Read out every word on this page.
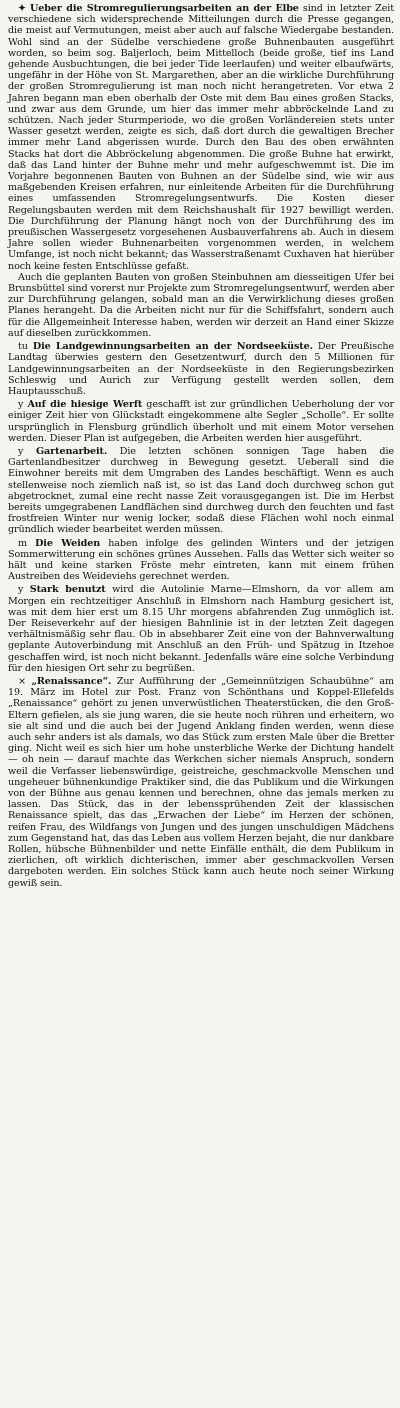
✦ Ueber die Stromregulierungsarbeiten an der Elbe sind in letzter Zeit verschiedene sich widersprechende Mitteilungen durch die Presse gegangen, die meist auf Vermutungen, meist aber auch auf falsche Wiedergabe bestanden. Wohl sind an der Südelbe verschiedene große Buhnenbauten ausgeführt worden, so beim sog. Baljerloch, beim Mittelloch (beide große, tief ins Land gehende Ausbuchtungen, die bei jeder Tide leerlaufen) und weiter elbaufwärts, ungefähr in der Höhe von St. Margarethen, aber an die wirkliche Durchführung der großen Stromregulierung ist man noch nicht herangetreten. Vor etwa 2 Jahren begann man eben oberhalb der Oste mit dem Bau eines großen Stacks, und zwar aus dem Grunde, um hier das immer mehr abbröckelnde Land zu schützen. Nach jeder Sturmperiode, wo die großen Vorländereien stets unter Wasser gesetzt werden, zeigte es sich, daß dort durch die gewaltigen Brecher immer mehr Land abgerissen wurde. Durch den Bau des oben erwähnten Stacks hat dort die Abbröckelung abgenommen. Die große Buhne hat erwirkt, daß das Land hinter der Buhne mehr und mehr aufgeschwemmt ist. Die im Vorjahre begonnenen Bauten von Buhnen an der Südelbe sind, wie wir aus maßgebenden Kreisen erfahren, nur einleitende Arbeiten für die Durchführung eines umfassenden Stromregelungsentwurfs. Die Kosten dieser Regelungsbauten werden mit dem Reichshaushalt für 1927 bewilligt werden. Die Durchführung der Planung hängt noch von der Durchführung des im preußischen Wassergesetz vorgesehenen Ausbauverfahrens ab. Auch in diesem Jahre sollen wieder Buhnenarbeiten vorgenommen werden, in welchem Umfange, ist noch nicht bekannt; das Wasserstraßenamt Cuxhaven hat hierüber noch keine festen Entschlüsse gefaßt.

Auch die geplanten Bauten von großen Steinbuhnen am diesseitigen Ufer bei Brunsbüttel sind vorerst nur Projekte zum Stromregelungsentwurf, werden aber zur Durchführung gelangen, sobald man an die Verwirklichung dieses großen Planes herangeht. Da die Arbeiten nicht nur für die Schiffsfahrt, sondern auch für die Allgemeinheit Interesse haben, werden wir derzeit an Hand einer Skizze auf dieselben zurückkommen.

tu Die Landgewinnungsarbeiten an der Nordseeküste. Der Preußische Landtag überwies gestern den Gesetzentwurf, durch den 5 Millionen für Landgewinnungsarbeiten an der Nordseeküste in den Regierungsbezirken Schleswig und Aurich zur Verfügung gestellt werden sollen, dem Hauptausschuß.

y Auf die hiesige Werft geschafft ist zur gründlichen Ueberholung der vor einiger Zeit hier von Glückstadt eingekommene alte Segler „Scholle“. Er sollte ursprünglich in Flensburg gründlich überholt und mit einem Motor versehen werden. Dieser Plan ist aufgegeben, die Arbeiten werden hier ausgeführt.

y Gartenarbeit. Die letzten schönen sonnigen Tage haben die Gartenlandbesitzer durchweg in Bewegung gesetzt. Ueberall sind die Einwohner bereits mit dem Umgraben des Landes beschäftigt. Wenn es auch stellenweise noch ziemlich naß ist, so ist das Land doch durchweg schon gut abgetrocknet, zumal eine recht nasse Zeit vorausgegangen ist. Die im Herbst bereits umgegrabenen Landflächen sind durchweg durch den feuchten und fast frostfreien Winter nur wenig locker, sodaß diese Flächen wohl noch einmal gründlich wieder bearbeitet werden müssen.

m Die Weiden haben infolge des gelinden Winters und der jetzigen Sommerwitterung ein schönes grünes Aussehen. Falls das Wetter sich weiter so hält und keine starken Fröste mehr eintreten, kann mit einem frühen Austreiben des Weideviehs gerechnet werden.

y Stark benutzt wird die Autolinie Marne—Elmshorn, da vor allem am Morgen ein rechtzeitiger Anschluß in Elmshorn nach Hamburg gesichert ist, was mit dem hier erst um 8.15 Uhr morgens abfahrenden Zug unmöglich ist. Der Reiseverkehr auf der hiesigen Bahnlinie ist in der letzten Zeit dagegen verhältnismäßig sehr flau. Ob in absehbarer Zeit eine von der Bahnverwaltung geplante Autoverbindung mit Anschluß an den Früh- und Spätzug in Itzehoe geschaffen wird, ist noch nicht bekannt. Jedenfalls wäre eine solche Verbindung für den hiesigen Ort sehr zu begrüßen.

× „Renaissance“. Zur Aufführung der „Gemeinnützigen Schaubühne“ am 19. März im Hotel zur Post. Franz von Schönthans und Koppel-Ellefelds „Renaissance“ gehört zu jenen unverwüstlichen Theaterstücken, die den Groß-Eltern gefielen, als sie jung waren, die sie heute noch rühren und erheitern, wo sie alt sind und die auch bei der Jugend Anklang finden werden, wenn diese auch sehr anders ist als damals, wo das Stück zum ersten Male über die Bretter ging. Nicht weil es sich hier um hohe unsterbliche Werke der Dichtung handelt — oh nein — darauf machte das Werkchen sicher niemals Anspruch, sondern weil die Verfasser liebenswürdige, geistreiche, geschmackvolle Menschen und ungeheuer bühnenkundige Praktiker sind, die das Publikum und die Wirkungen von der Bühne aus genau kennen und berechnen, ohne das jemals merken zu lassen. Das Stück, das in der lebenssprühenden Zeit der klassischen Renaissance spielt, das das „Erwachen der Liebe“ im Herzen der schönen, reifen Frau, des Wildfangs von Jungen und des jungen unschuldigen Mädchens zum Gegenstand hat, das das Leben aus vollem Herzen bejaht, die nur dankbare Rollen, hübsche Bühnenbilder und nette Einfälle enthält, die dem Publikum in zierlichen, oft wirklich dichterischen, immer aber geschmackvollen Versen dargeboten werden. Ein solches Stück kann auch heute noch seiner Wirkung gewiß sein.
